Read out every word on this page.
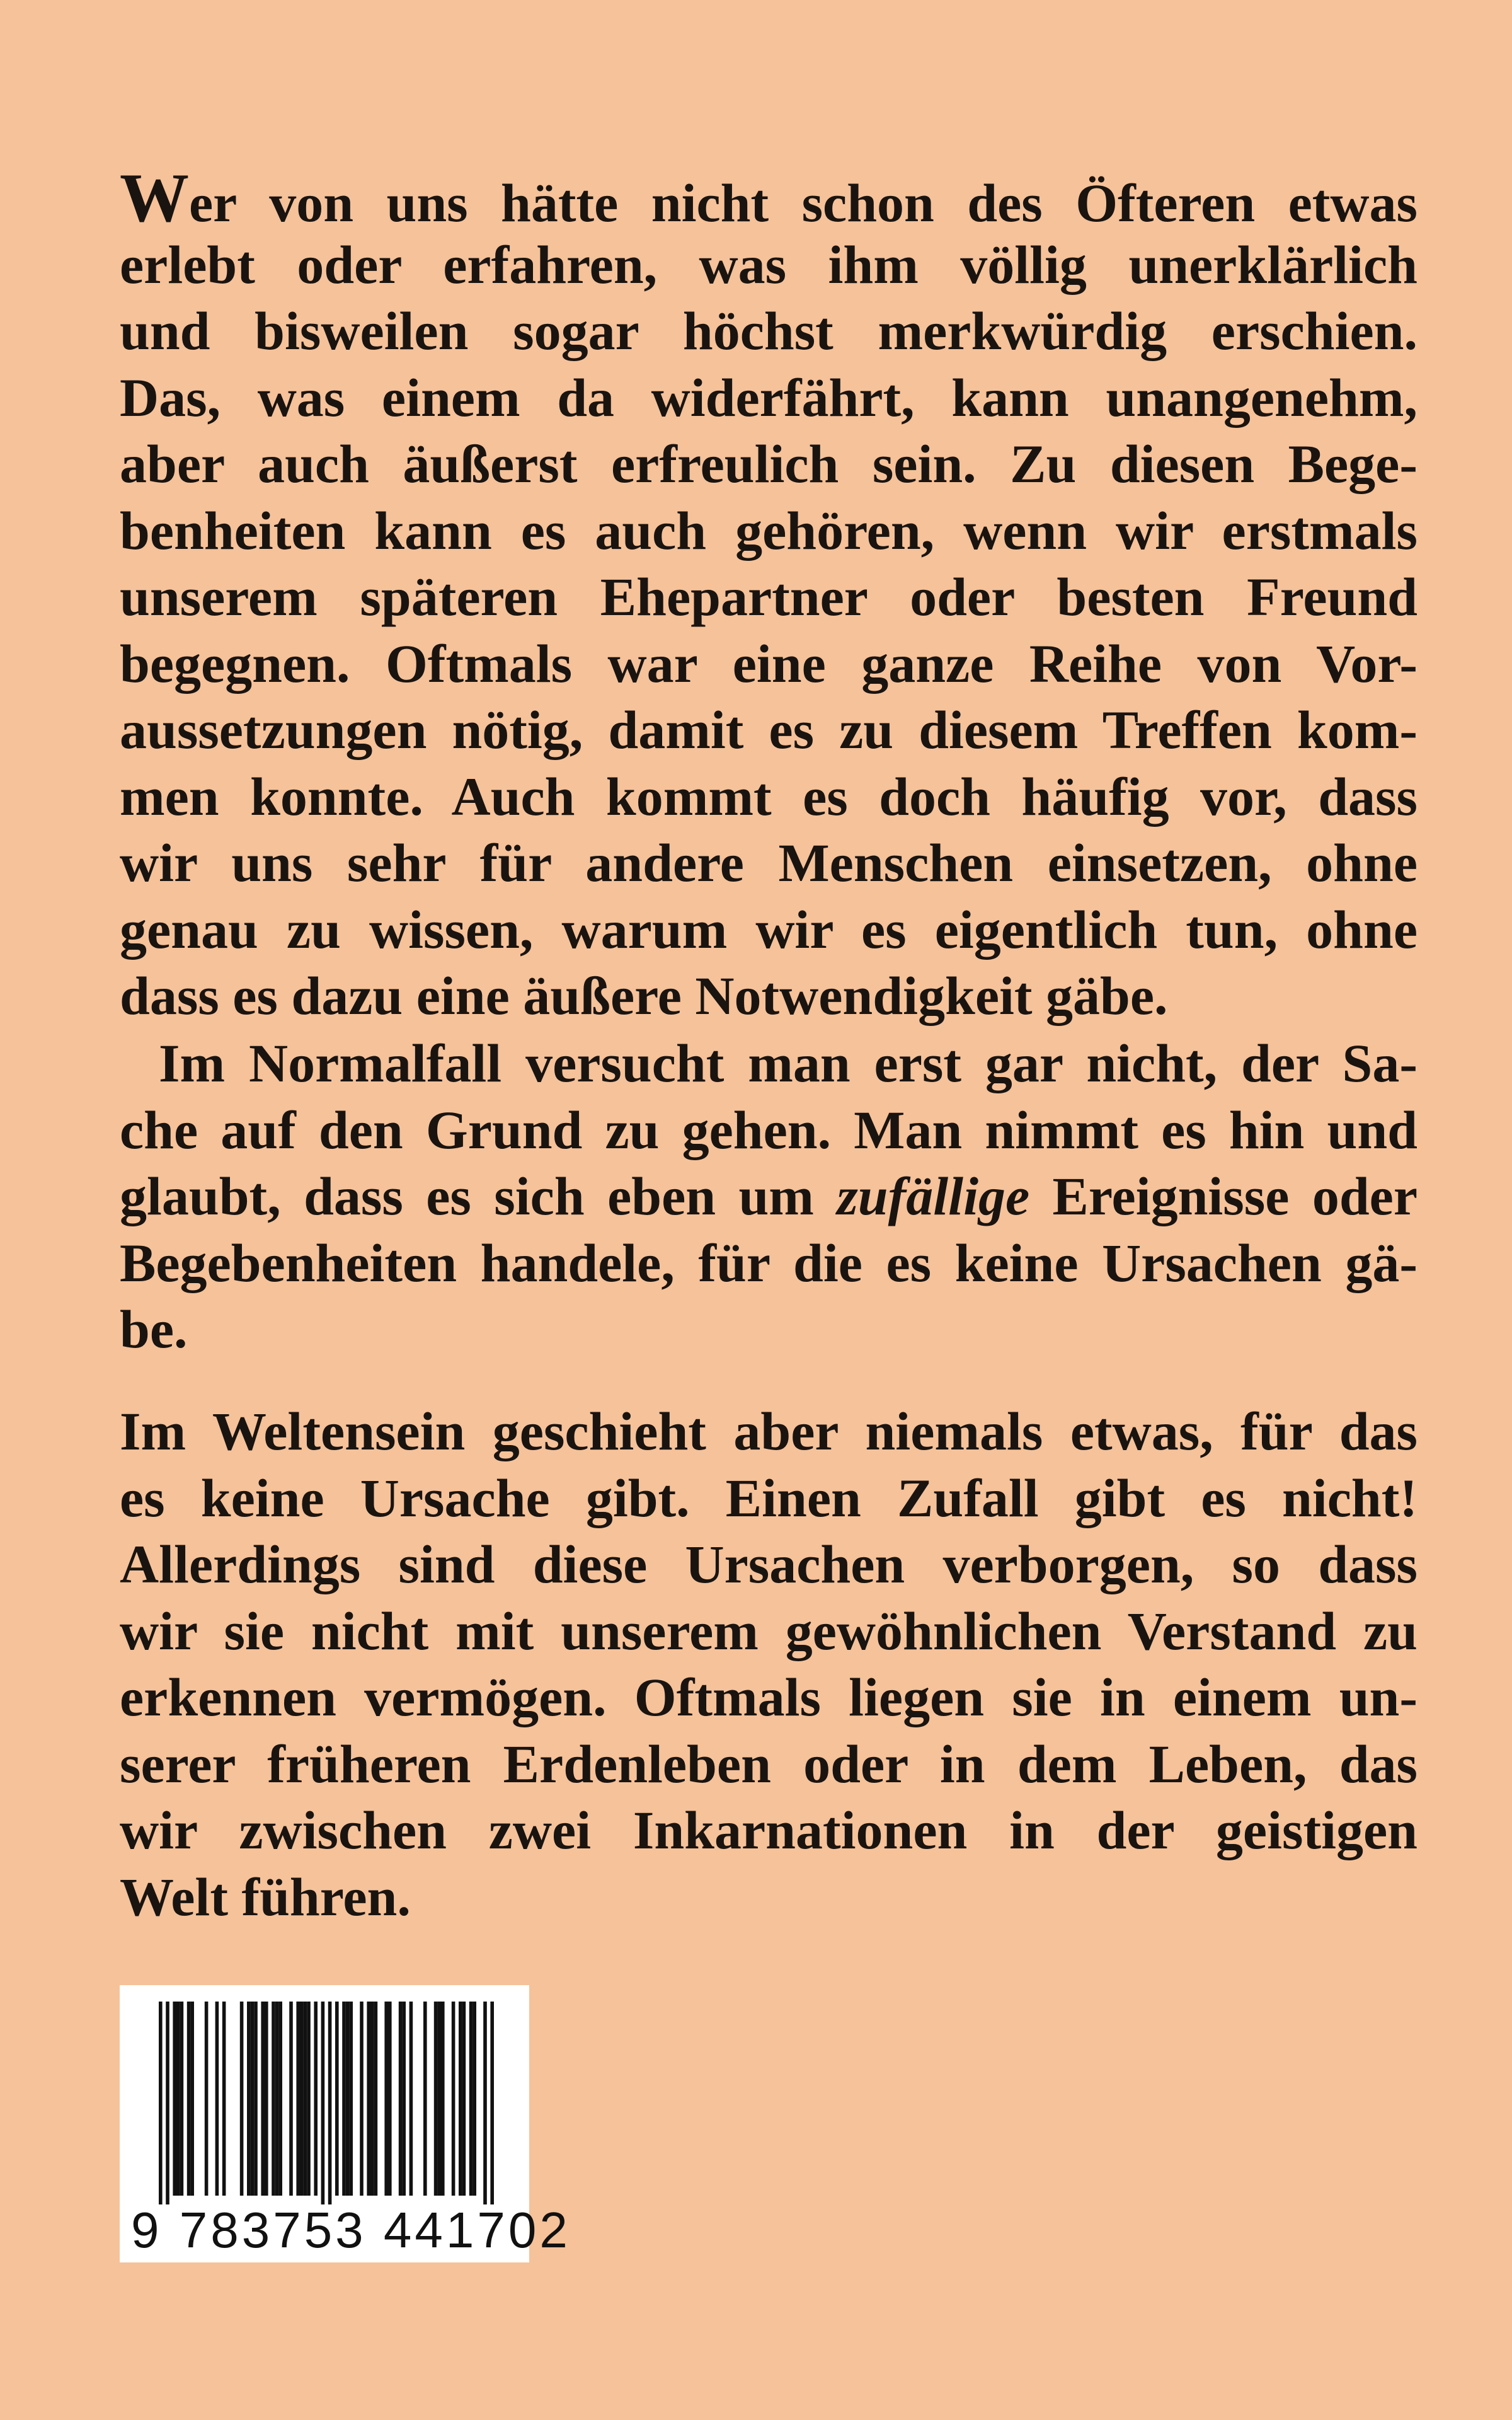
Wer von uns hätte nicht schon des Öfteren etwas
erlebt oder erfahren, was ihm völlig unerklärlich
und bisweilen sogar höchst merkwürdig erschien.
Das, was einem da widerfährt, kann unangenehm,
aber auch äußerst erfreulich sein. Zu diesen Bege-
benheiten kann es auch gehören, wenn wir erstmals
unserem späteren Ehepartner oder besten Freund
begegnen. Oftmals war eine ganze Reihe von Vor-
aussetzungen nötig, damit es zu diesem Treffen kom-
men konnte. Auch kommt es doch häufig vor, dass
wir uns sehr für andere Menschen einsetzen, ohne
genau zu wissen, warum wir es eigentlich tun, ohne
dass es dazu eine äußere Notwendigkeit gäbe.
Im Normalfall versucht man erst gar nicht, der Sa-
che auf den Grund zu gehen. Man nimmt es hin und
glaubt, dass es sich eben um zufällige Ereignisse oder
Begebenheiten handele, für die es keine Ursachen gä-
be.
Im Weltensein geschieht aber niemals etwas, für das
es keine Ursache gibt. Einen Zufall gibt es nicht!
Allerdings sind diese Ursachen verborgen, so dass
wir sie nicht mit unserem gewöhnlichen Verstand zu
erkennen vermögen. Oftmals liegen sie in einem un-
serer früheren Erdenleben oder in dem Leben, das
wir zwischen zwei Inkarnationen in der geistigen
Welt führen.
9 783753 441702
